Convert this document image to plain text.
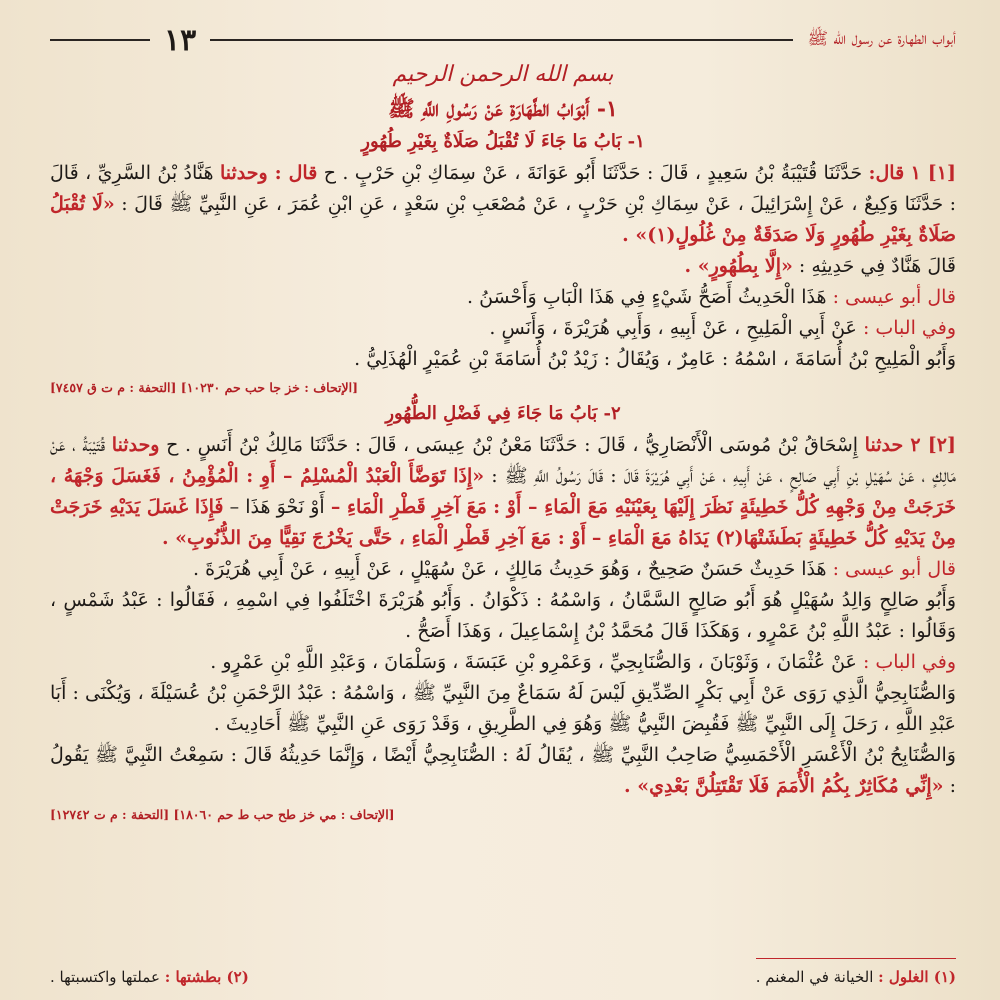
أبواب الطهارة عن رسول الله ﷺ
١٣
بسم الله الرحمن الرحيم
١- أَبْوَابُ الطَّهَارَةِ عَنْ رَسُولِ اللَّهِ ﷺ
١- بَابُ مَا جَاءَ لَا تُقْبَلُ صَلَاةٌ بِغَيْرِ طُهُورٍ

[١] ١ قال: حَدَّثَنَا قُتَيْبَةُ بْنُ سَعِيدٍ ، قَالَ : حَدَّثَنَا أَبُو عَوَانَةَ ، عَنْ سِمَاكِ بْنِ حَرْبٍ . ح قال : وحدثنا هَنَّادُ بْنُ السَّرِيِّ ، قَالَ : حَدَّثَنَا وَكِيعٌ ، عَنْ إِسْرَائِيلَ ، عَنْ سِمَاكِ بْنِ حَرْبٍ ، عَنْ مُصْعَبِ بْنِ سَعْدٍ ، عَنِ ابْنِ عُمَرَ ، عَنِ النَّبِيِّ ﷺ قَالَ : «لَا تُقْبَلُ صَلَاةٌ بِغَيْرِ طُهُورٍ وَلَا صَدَقَةٌ مِنْ غُلُولٍ(١)» .

قَالَ هَنَّادٌ فِي حَدِيثِهِ : «إِلَّا بِطُهُورٍ» .

قال أبو عيسى : هَذَا الْحَدِيثُ أَصَحُّ شَيْءٍ فِي هَذَا الْبَابِ وَأَحْسَنُ .

وفي الباب : عَنْ أَبِي الْمَلِيحِ ، عَنْ أَبِيهِ ، وَأَبِي هُرَيْرَةَ ، وَأَنَسٍ .

وَأَبُو الْمَلِيحِ بْنُ أُسَامَةَ ، اسْمُهُ : عَامِرٌ ، وَيُقَالُ : زَيْدُ بْنُ أُسَامَةَ بْنِ عُمَيْرٍ الْهُذَلِيُّ .

[التحفة : م ت ق ٧٤٥٧] [الإتحاف : خز جا حب حم ١٠٢٣٠]
٢- بَابُ مَا جَاءَ فِي فَضْلِ الطُّهُورِ

[٢] ٢ حدثنا إِسْحَاقُ بْنُ مُوسَى الْأَنْصَارِيُّ ، قَالَ : حَدَّثَنَا مَعْنُ بْنُ عِيسَى ، قَالَ : حَدَّثَنَا مَالِكُ بْنُ أَنَسٍ . ح وحدثنا قُتَيْبَةُ ، عَنْ مَالِكٍ ، عَنْ سُهَيْلِ بْنِ أَبِي صَالِحٍ ، عَنْ أَبِيهِ ، عَنْ أَبِي هُرَيْرَةَ قَالَ : قَالَ رَسُولُ اللَّهِ ﷺ : «إِذَا تَوَضَّأَ الْعَبْدُ الْمُسْلِمُ – أَوِ : الْمُؤْمِنُ ، فَغَسَلَ وَجْهَهُ ، خَرَجَتْ مِنْ وَجْهِهِ كُلُّ خَطِيئَةٍ نَظَرَ إِلَيْهَا بِعَيْنَيْهِ مَعَ الْمَاءِ – أَوْ : مَعَ آخِرِ قَطْرِ الْمَاءِ – أَوْ نَحْوَ هَذَا – فَإِذَا غَسَلَ يَدَيْهِ خَرَجَتْ مِنْ يَدَيْهِ كُلُّ خَطِيئَةٍ بَطَشَتْهَا(٢) يَدَاهُ مَعَ الْمَاءِ – أَوْ : مَعَ آخِرِ قَطْرِ الْمَاءِ ، حَتَّى يَخْرُجَ نَقِيًّا مِنَ الذُّنُوبِ» .

قال أبو عيسى : هَذَا حَدِيثٌ حَسَنٌ صَحِيحٌ ، وَهُوَ حَدِيثُ مَالِكٍ ، عَنْ سُهَيْلٍ ، عَنْ أَبِيهِ ، عَنْ أَبِي هُرَيْرَةَ .

وَأَبُو صَالِحٍ وَالِدُ سُهَيْلٍ هُوَ أَبُو صَالِحٍ السَّمَّانُ ، وَاسْمُهُ : ذَكْوَانُ . وَأَبُو هُرَيْرَةَ اخْتَلَفُوا فِي اسْمِهِ ، فَقَالُوا : عَبْدُ شَمْسٍ ، وَقَالُوا : عَبْدُ اللَّهِ بْنُ عَمْرٍو ، وَهَكَذَا قَالَ مُحَمَّدُ بْنُ إِسْمَاعِيلَ ، وَهَذَا أَصَحُّ .

وفي الباب : عَنْ عُثْمَانَ ، وَثَوْبَانَ ، وَالصُّنَابِحِيِّ ، وَعَمْرِو بْنِ عَبَسَةَ ، وَسَلْمَانَ ، وَعَبْدِ اللَّهِ بْنِ عَمْرٍو .

وَالصُّنَابِحِيُّ الَّذِي رَوَى عَنْ أَبِي بَكْرٍ الصِّدِّيقِ لَيْسَ لَهُ سَمَاعٌ مِنَ النَّبِيِّ ﷺ ، وَاسْمُهُ : عَبْدُ الرَّحْمَنِ بْنُ عُسَيْلَةَ ، وَيُكْنَى : أَبَا عَبْدِ اللَّهِ ، رَحَلَ إِلَى النَّبِيِّ ﷺ فَقُبِضَ النَّبِيُّ ﷺ وَهُوَ فِي الطَّرِيقِ ، وَقَدْ رَوَى عَنِ النَّبِيِّ ﷺ أَحَادِيثَ .

وَالصُّنَابِحُ بْنُ الْأَعْسَرِ الْأَحْمَسِيُّ صَاحِبُ النَّبِيِّ ﷺ ، يُقَالُ لَهُ : الصُّنَابِحِيُّ أَيْضًا ، وَإِنَّمَا حَدِيثُهُ قَالَ : سَمِعْتُ النَّبِيَّ ﷺ يَقُولُ : «إِنِّي مُكَاثِرٌ بِكُمُ الْأُمَمَ فَلَا تَقْتَتِلُنَّ بَعْدِي» .

[التحفة : م ت ١٢٧٤٢] [الإتحاف : مي خز طح حب ط حم ١٨٠٦٠]
(١) الغلول : الخيانة في المغنم .
(٢) بطشتها : عملتها واكتسبتها .
